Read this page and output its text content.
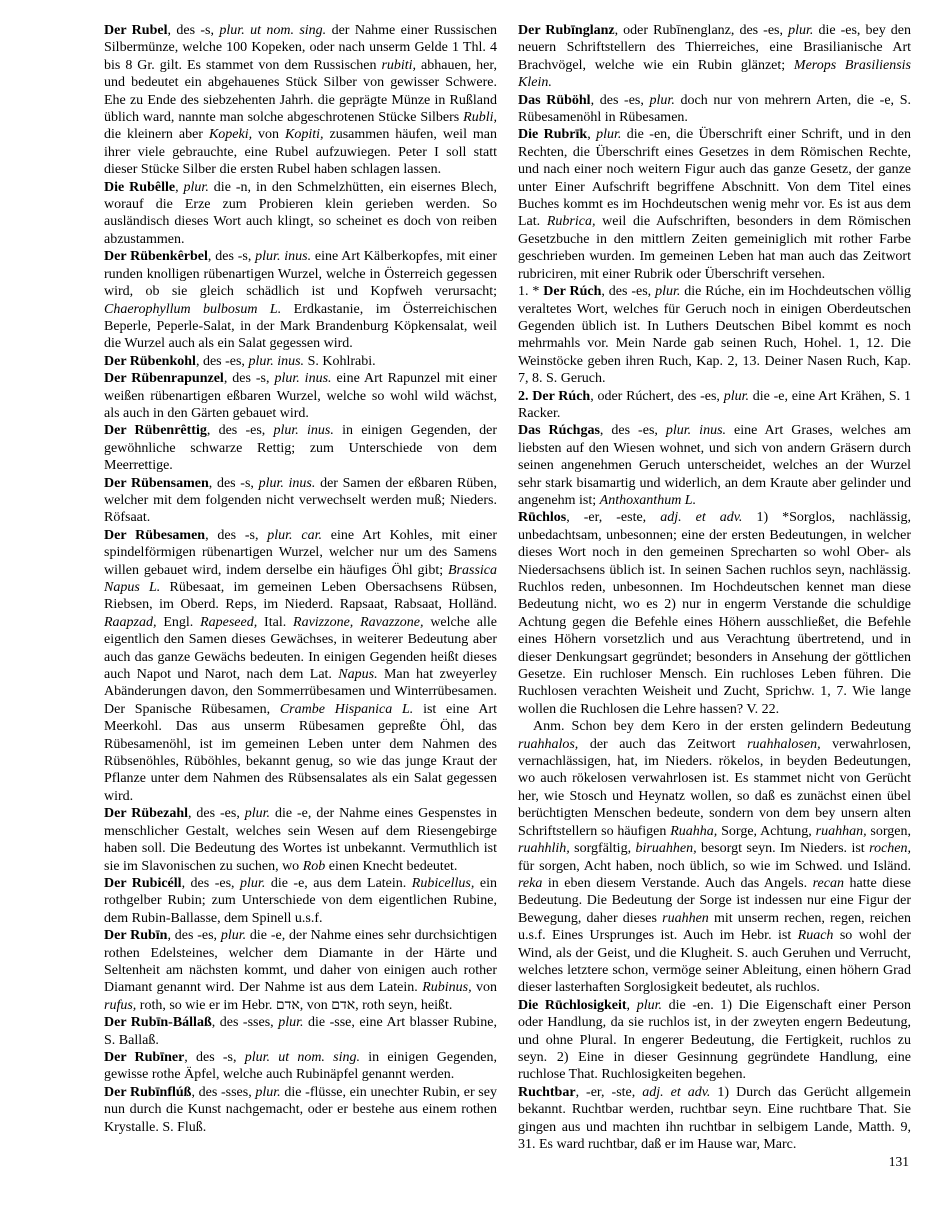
Der Rubel, des -s, plur. ut nom. sing. der Nahme einer Russischen Silbermünze, welche 100 Kopeken, oder nach unserm Gelde 1 Thl. 4 bis 8 Gr. gilt. Es stammet von dem Russischen rubiti, abhauen, her, und bedeutet ein abgehauenes Stück Silber von gewisser Schwere. Ehe zu Ende des siebzehenten Jahrh. die geprägte Münze in Rußland üblich ward, nannte man solche abgeschrotenen Stücke Silbers Rubli, die kleinern aber Kopeki, von Kopiti, zusammen häufen, weil man ihrer viele gebrauchte, eine Rubel aufzuwiegen. Peter I soll statt dieser Stücke Silber die ersten Rubel haben schlagen lassen.

Die Rubêlle, plur. die -n, in den Schmelzhütten, ein eisernes Blech, worauf die Erze zum Probieren klein gerieben werden. So ausländisch dieses Wort auch klingt, so scheinet es doch von reiben abzustammen.

Der Rübenkêrbel, des -s, plur. inus. eine Art Kälberkopfes, mit einer runden knolligen rübenartigen Wurzel, welche in Österreich gegessen wird, ob sie gleich schädlich ist und Kopfweh verursacht; Chaerophyllum bulbosum L. Erdkastanie, im Österreichischen Beperle, Peperle-Salat, in der Mark Brandenburg Köpkensalat, weil die Wurzel auch als ein Salat gegessen wird.

Der Rübenkohl, des -es, plur. inus. S. Kohlrabi.

Der Rübenrapunzel, des -s, plur. inus. eine Art Rapunzel mit einer weißen rübenartigen eßbaren Wurzel, welche so wohl wild wächst, als auch in den Gärten gebauet wird.

Der Rübenrêttig, des -es, plur. inus. in einigen Gegenden, der gewöhnliche schwarze Rettig; zum Unterschiede von dem Meerrettige.

Der Rübensamen, des -s, plur. inus. der Samen der eßbaren Rüben, welcher mit dem folgenden nicht verwechselt werden muß; Nieders. Röfsaat.

Der Rübesamen, des -s, plur. car. eine Art Kohles, mit einer spindelförmigen rübenartigen Wurzel, welcher nur um des Samens willen gebauet wird, indem derselbe ein häufiges Öhl gibt; Brassica Napus L. Rübesaat, im gemeinen Leben Obersachsens Rübsen, Riebsen, im Oberd. Reps, im Niederd. Rapsaat, Rabsaat, Holländ. Raapzad, Engl. Rapeseed, Ital. Ravizzone, Ravazzone, welche alle eigentlich den Samen dieses Gewächses, in weiterer Bedeutung aber auch das ganze Gewächs bedeuten. In einigen Gegenden heißt dieses auch Napot und Narot, nach dem Lat. Napus. Man hat zweyerley Abänderungen davon, den Sommerrübesamen und Winterrübesamen. Der Spanische Rübesamen, Crambe Hispanica L. ist eine Art Meerkohl. Das aus unserm Rübesamen gepreßte Öhl, das Rübesamenöhl, ist im gemeinen Leben unter dem Nahmen des Rübsenöhles, Rüböhles, bekannt genug, so wie das junge Kraut der Pflanze unter dem Nahmen des Rübsensalates als ein Salat gegessen wird.

Der Rübezahl, des -es, plur. die -e, der Nahme eines Gespenstes in menschlicher Gestalt, welches sein Wesen auf dem Riesengebirge haben soll. Die Bedeutung des Wortes ist unbekannt. Vermuthlich ist sie im Slavonischen zu suchen, wo Rob einen Knecht bedeutet.

Der Rubicéll, des -es, plur. die -e, aus dem Latein. Rubicellus, ein rothgelber Rubin; zum Unterschiede von dem eigentlichen Rubine, dem Rubin-Ballasse, dem Spinell u.s.f.

Der Rubīn, des -es, plur. die -e, der Nahme eines sehr durchsichtigen rothen Edelsteines, welcher dem Diamante in der Härte und Seltenheit am nächsten kommt, und daher von einigen auch rother Diamant genannt wird. Der Nahme ist aus dem Latein. Rubinus, von rufus, roth, so wie er im Hebr. אדם, von אדם, roth seyn, heißt.

Der Rubīn-Bállaß, des -sses, plur. die -sse, eine Art blasser Rubine, S. Ballaß.

Der Rubīner, des -s, plur. ut nom. sing. in einigen Gegenden, gewisse rothe Äpfel, welche auch Rubinäpfel genannt werden.

Der Rubīnflúß, des -sses, plur. die -flüsse, ein unechter Rubin, er sey nun durch die Kunst nachgemacht, oder er bestehe aus einem rothen Krystalle. S. Fluß.

Der Rubīnglanz, oder Rubīnenglanz, des -es, plur. die -es, bey den neuern Schriftstellern des Thierreiches, eine Brasilianische Art Brachvögel, welche wie ein Rubin glänzet; Merops Brasiliensis Klein.

Das Rüböhl, des -es, plur. doch nur von mehrern Arten, die -e, S. Rübesamenöhl in Rübesamen.

Die Rubrīk, plur. die -en, die Überschrift einer Schrift, und in den Rechten, die Überschrift eines Gesetzes in dem Römischen Rechte, und nach einer noch weitern Figur auch das ganze Gesetz, der ganze unter Einer Aufschrift begriffene Abschnitt. Von dem Titel eines Buches kommt es im Hochdeutschen wenig mehr vor. Es ist aus dem Lat. Rubrica, weil die Aufschriften, besonders in dem Römischen Gesetzbuche in den mittlern Zeiten gemeiniglich mit rother Farbe geschrieben wurden. Im gemeinen Leben hat man auch das Zeitwort rubriciren, mit einer Rubrik oder Überschrift versehen.

1. * Der Rúch, des -es, plur. die Rúche, ein im Hochdeutschen völlig veraltetes Wort, welches für Geruch noch in einigen Oberdeutschen Gegenden üblich ist. In Luthers Deutschen Bibel kommt es noch mehrmahls vor. Mein Narde gab seinen Ruch, Hohel. 1, 12. Die Weinstöcke geben ihren Ruch, Kap. 2, 13. Deiner Nasen Ruch, Kap. 7, 8. S. Geruch.

2. Der Rúch, oder Rúchert, des -es, plur. die -e, eine Art Krähen, S. 1 Racker.

Das Rúchgas, des -es, plur. inus. eine Art Grases, welches am liebsten auf den Wiesen wohnet, und sich von andern Gräsern durch seinen angenehmen Geruch unterscheidet, welches an der Wurzel sehr stark bisamartig und widerlich, an dem Kraute aber gelinder und angenehm ist; Anthoxanthum L.

Rūchlos, -er, -este, adj. et adv. 1) *Sorglos, nachlässig, unbedachtsam, unbesonnen; eine der ersten Bedeutungen, in welcher dieses Wort noch in den gemeinen Sprecharten so wohl Ober- als Niedersachsens üblich ist. In seinen Sachen ruchlos seyn, nachlässig. Ruchlos reden, unbesonnen. Im Hochdeutschen kennet man diese Bedeutung nicht, wo es 2) nur in engerm Verstande die schuldige Achtung gegen die Befehle eines Höhern ausschließet, die Befehle eines Höhern vorsetzlich und aus Verachtung übertretend, und in dieser Denkungsart gegründet; besonders in Ansehung der göttlichen Gesetze. Ein ruchloser Mensch. Ein ruchloses Leben führen. Die Ruchlosen verachten Weisheit und Zucht, Sprichw. 1, 7. Wie lange wollen die Ruchlosen die Lehre hassen? V. 22.

Anm. Schon bey dem Kero in der ersten gelindern Bedeutung ruahhalos, der auch das Zeitwort ruahhalosen, verwahrlosen, vernachlässigen, hat, im Nieders. rökelos, in beyden Bedeutungen, wo auch rökelosen verwahrlosen ist. Es stammet nicht von Gerücht her, wie Stosch und Heynatz wollen, so daß es zunächst einen übel berüchtigten Menschen bedeute, sondern von dem bey unsern alten Schriftstellern so häufigen Ruahha, Sorge, Achtung, ruahhan, sorgen, ruahhlih, sorgfältig, biruahhen, besorgt seyn. Im Nieders. ist rochen, für sorgen, Acht haben, noch üblich, so wie im Schwed. und Isländ. reka in eben diesem Verstande. Auch das Angels. recan hatte diese Bedeutung. Die Bedeutung der Sorge ist indessen nur eine Figur der Bewegung, daher dieses ruahhen mit unserm rechen, regen, reichen u.s.f. Eines Ursprunges ist. Auch im Hebr. ist Ruach so wohl der Wind, als der Geist, und die Klugheit. S. auch Geruhen und Verrucht, welches letztere schon, vermöge seiner Ableitung, einen höhern Grad dieser lasterhaften Sorglosigkeit bedeutet, als ruchlos.

Die Rūchlosigkeit, plur. die -en. 1) Die Eigenschaft einer Person oder Handlung, da sie ruchlos ist, in der zweyten engern Bedeutung, und ohne Plural. In engerer Bedeutung, die Fertigkeit, ruchlos zu seyn. 2) Eine in dieser Gesinnung gegründete Handlung, eine ruchlose That. Ruchlosigkeiten begehen.

Ruchtbar, -er, -ste, adj. et adv. 1) Durch das Gerücht allgemein bekannt. Ruchtbar werden, ruchtbar seyn. Eine ruchtbare That. Sie gingen aus und machten ihn ruchtbar in selbigem Lande, Matth. 9, 31. Es ward ruchtbar, daß er im Hause war, Marc.

131
